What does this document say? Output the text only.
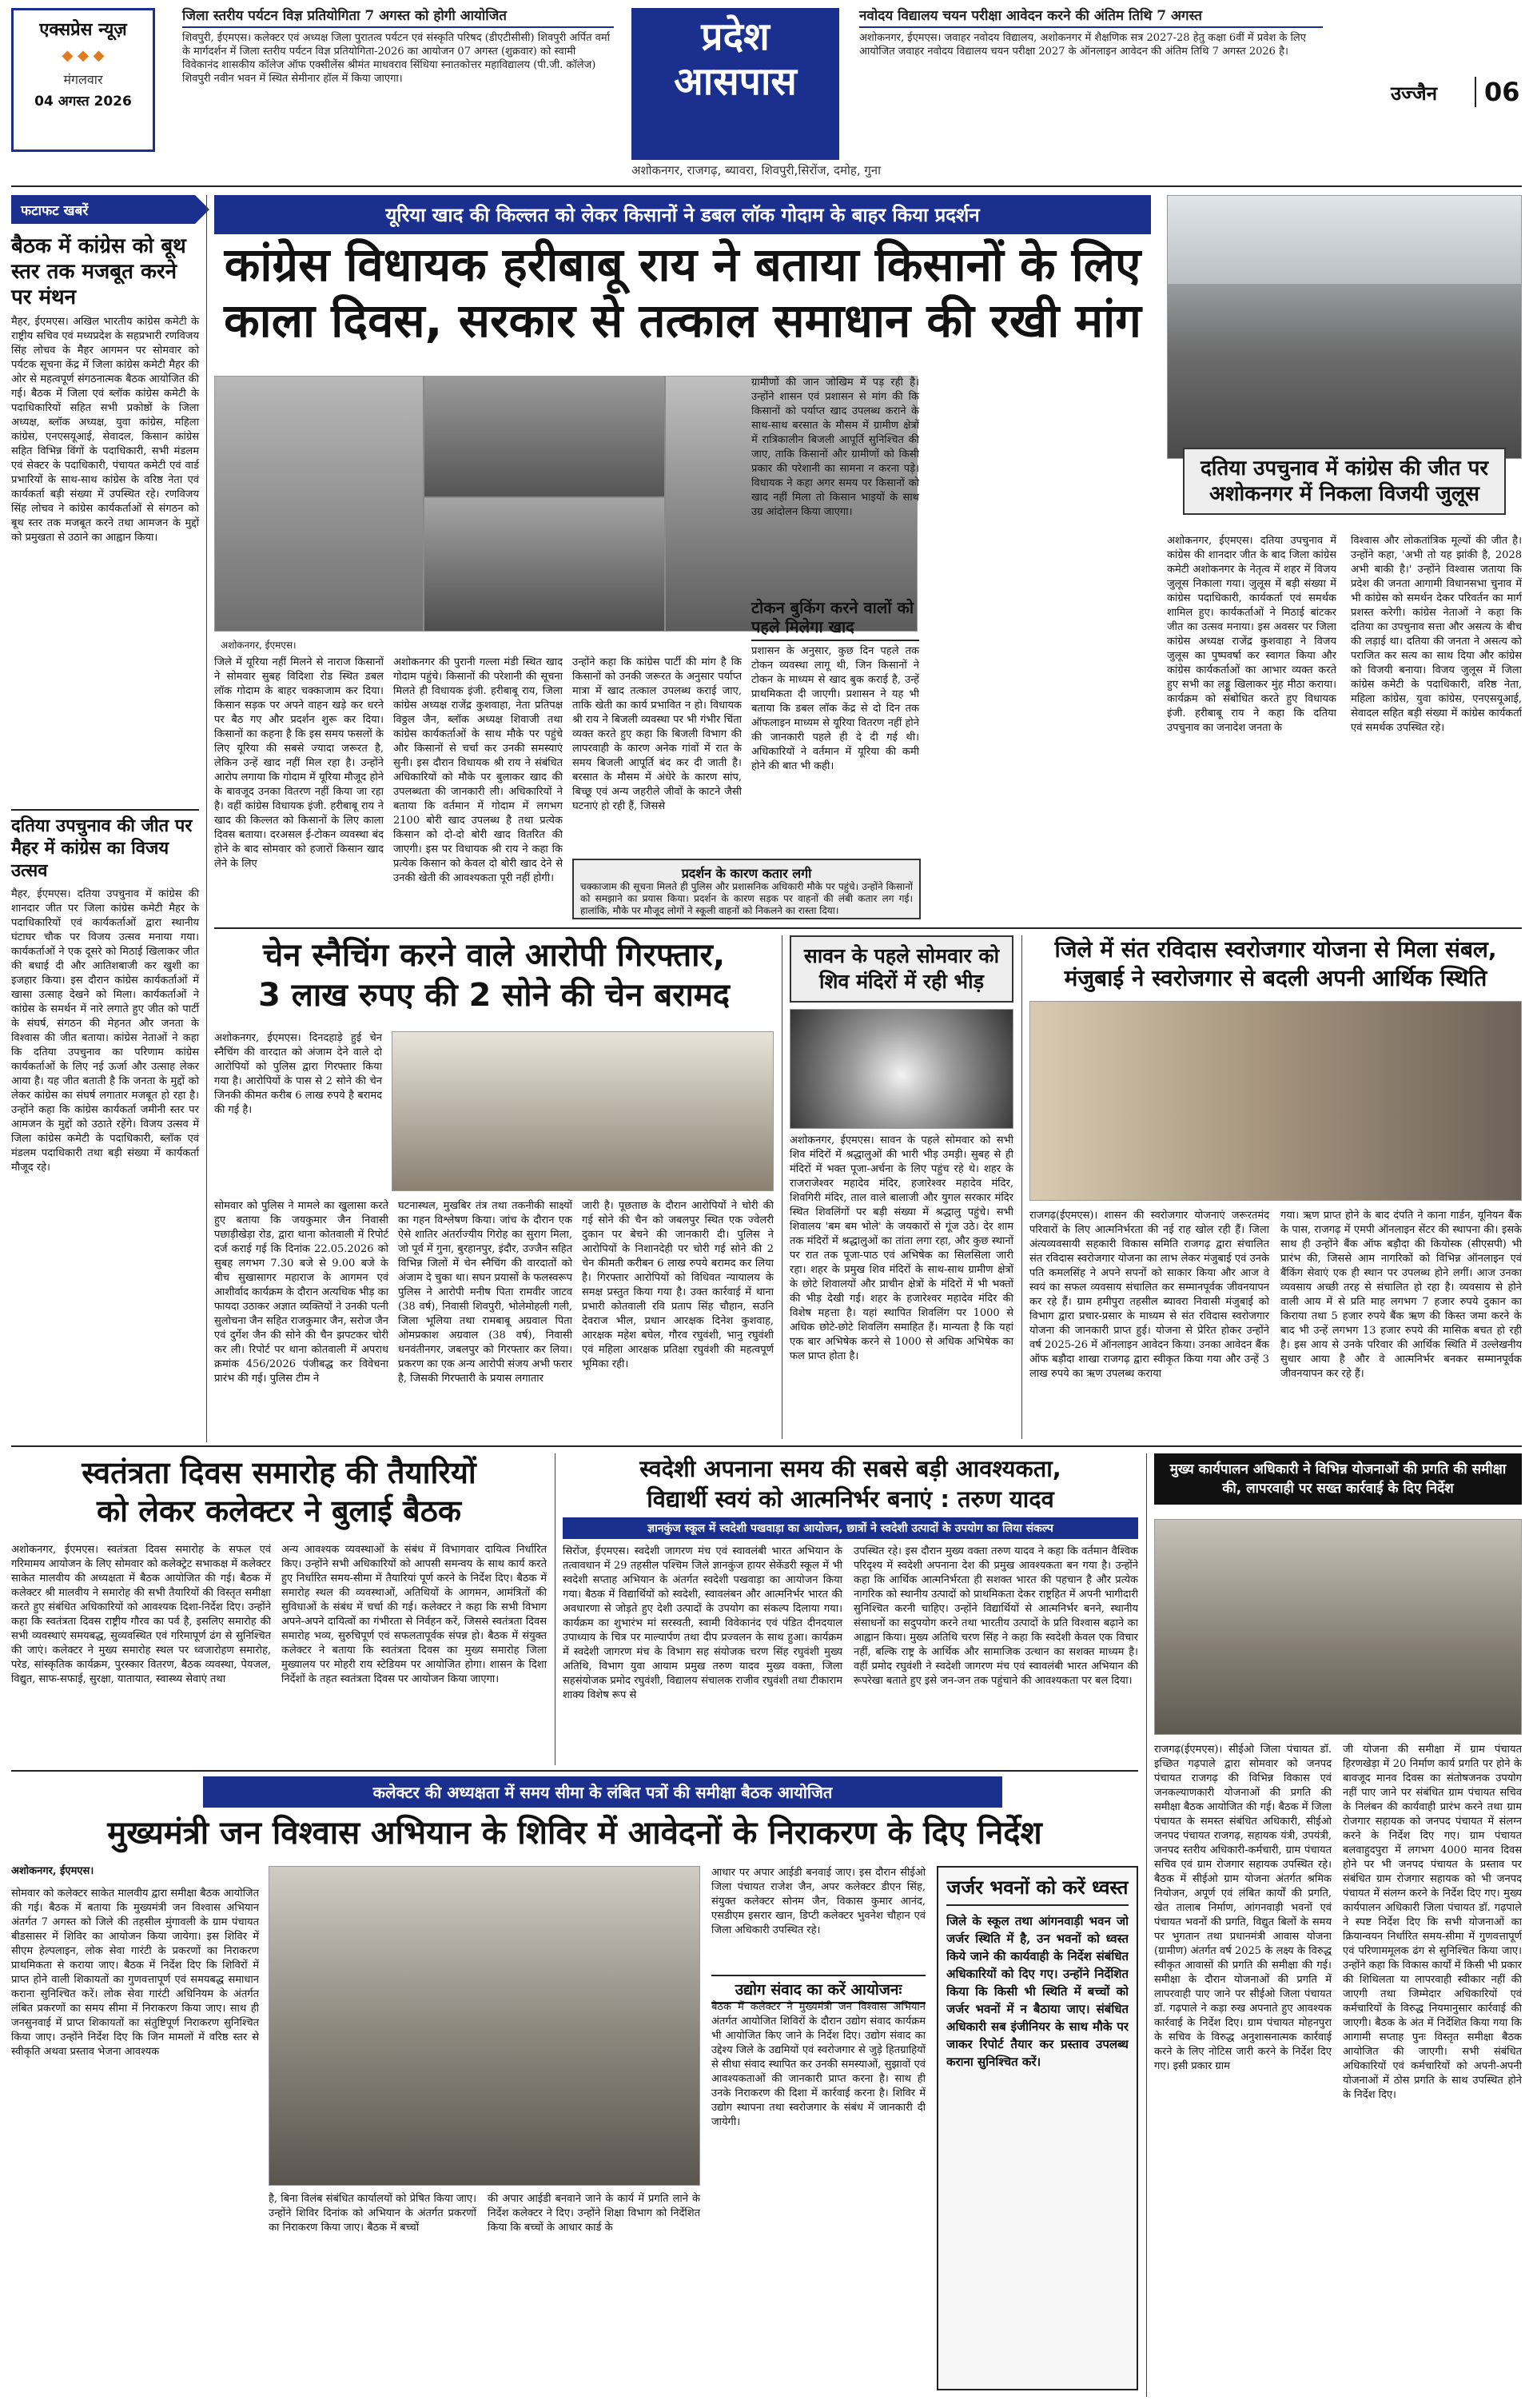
एक्सप्रेस न्यूज़
◆ ◆ ◆
मंगलवार
04 अगस्त 2026
जिला स्तरीय पर्यटन विज्ञ प्रतियोगिता 7 अगस्त को होगी आयोजित
शिवपुरी, ईएमएस। कलेक्टर एवं अध्यक्ष जिला पुरातत्व पर्यटन एवं संस्कृति परिषद (डीएटीसीसी) शिवपुरी अर्पित वर्मा के मार्गदर्शन में जिला स्तरीय पर्यटन विज्ञ प्रतियोगिता-2026 का आयोजन 07 अगस्त (शुक्रवार) को स्वामी विवेकानंद शासकीय कॉलेज ऑफ एक्सीलेंस श्रीमंत माधवराव सिंधिया स्नातकोत्तर महाविद्यालय (पी.जी. कॉलेज) शिवपुरी नवीन भवन में स्थित सेमीनार हॉल में किया जाएगा।
प्रदेश
आसपास
अशोकनगर, राजगढ़, ब्यावरा, शिवपुरी,सिरोंज, दमोह, गुना
नवोदय विद्यालय चयन परीक्षा आवेदन करने की अंतिम तिथि 7 अगस्त
अशोकनगर, ईएमएस। जवाहर नवोदय विद्यालय, अशोकनगर में शैक्षणिक सत्र 2027-28 हेतु कक्षा 6वीं में प्रवेश के लिए आयोजित जवाहर नवोदय विद्यालय चयन परीक्षा 2027 के ऑनलाइन आवेदन की अंतिम तिथि 7 अगस्त 2026 है।
उज्जैन	06
फटाफट खबरें
बैठक में कांग्रेस को बूथ स्तर तक मजबूत करने पर मंथन
मैहर, ईएमएस। अखिल भारतीय कांग्रेस कमेटी के राष्ट्रीय सचिव एवं मध्यप्रदेश के सहप्रभारी रणविजय सिंह लोचव के मैहर आगमन पर सोमवार को पर्यटक सूचना केंद्र में जिला कांग्रेस कमेटी मैहर की ओर से महत्वपूर्ण संगठनात्मक बैठक आयोजित की गई। बैठक में जिला एवं ब्लॉक कांग्रेस कमेटी के पदाधिकारियों सहित सभी प्रकोष्ठों के जिला अध्यक्ष, ब्लॉक अध्यक्ष, युवा कांग्रेस, महिला कांग्रेस, एनएसयूआई, सेवादल, किसान कांग्रेस सहित विभिन्न विंगों के पदाधिकारी, सभी मंडलम एवं सेक्टर के पदाधिकारी, पंचायत कमेटी एवं वार्ड प्रभारियों के साथ-साथ कांग्रेस के वरिष्ठ नेता एवं कार्यकर्ता बड़ी संख्या में उपस्थित रहे। रणविजय सिंह लोचव ने कांग्रेस कार्यकर्ताओं से संगठन को बूथ स्तर तक मजबूत करने तथा आमजन के मुद्दों को प्रमुखता से उठाने का आह्वान किया।
दतिया उपचुनाव की जीत पर मैहर में कांग्रेस का विजय उत्सव
मैहर, ईएमएस। दतिया उपचुनाव में कांग्रेस की शानदार जीत पर जिला कांग्रेस कमेटी मैहर के पदाधिकारियों एवं कार्यकर्ताओं द्वारा स्थानीय घंटाघर चौक पर विजय उत्सव मनाया गया। कार्यकर्ताओं ने एक दूसरे को मिठाई खिलाकर जीत की बधाई दी और आतिशबाजी कर खुशी का इजहार किया। इस दौरान कांग्रेस कार्यकर्ताओं में खासा उत्साह देखने को मिला। कार्यकर्ताओं ने कांग्रेस के समर्थन में नारे लगाते हुए जीत को पार्टी के संघर्ष, संगठन की मेहनत और जनता के विश्वास की जीत बताया। कांग्रेस नेताओं ने कहा कि दतिया उपचुनाव का परिणाम कांग्रेस कार्यकर्ताओं के लिए नई ऊर्जा और उत्साह लेकर आया है। यह जीत बताती है कि जनता के मुद्दों को लेकर कांग्रेस का संघर्ष लगातार मजबूत हो रहा है। उन्होंने कहा कि कांग्रेस कार्यकर्ता जमीनी स्तर पर आमजन के मुद्दों को उठाते रहेंगे। विजय उत्सव में जिला कांग्रेस कमेटी के पदाधिकारी, ब्लॉक एवं मंडलम पदाधिकारी तथा बड़ी संख्या में कार्यकर्ता मौजूद रहे।
यूरिया खाद की किल्लत को लेकर किसानों ने डबल लॉक गोदाम के बाहर किया प्रदर्शन
कांग्रेस विधायक हरीबाबू राय ने बताया किसानों के लिए
काला दिवस, सरकार से तत्काल समाधान की रखी मांग
अशोकनगर, ईएमएस।
जिले में यूरिया नहीं मिलने से नाराज किसानों ने सोमवार सुबह विदिशा रोड स्थित डबल लॉक गोदाम के बाहर चक्काजाम कर दिया। किसान सड़क पर अपने वाहन खड़े कर धरने पर बैठ गए और प्रदर्शन शुरू कर दिया। किसानों का कहना है कि इस समय फसलों के लिए यूरिया की सबसे ज्यादा जरूरत है, लेकिन उन्हें खाद नहीं मिल रहा है। उन्होंने आरोप लगाया कि गोदाम में यूरिया मौजूद होने के बावजूद उनका वितरण नहीं किया जा रहा है। वहीं कांग्रेस विधायक इंजी. हरीबाबू राय ने खाद की किल्लत को किसानों के लिए काला दिवस बताया। दरअसल ई-टोकन व्यवस्था बंद होने के बाद सोमवार को हजारों किसान खाद लेने के लिए
अशोकनगर की पुरानी गल्ला मंडी स्थित खाद गोदाम पहुंचे। किसानों की परेशानी की सूचना मिलते ही विधायक इंजी. हरीबाबू राय, जिला कांग्रेस अध्यक्ष राजेंद्र कुशवाहा, नेता प्रतिपक्ष विठ्ठल जैन, ब्लॉक अध्यक्ष शिवाजी तथा कांग्रेस कार्यकर्ताओं के साथ मौके पर पहुंचे और किसानों से चर्चा कर उनकी समस्याएं सुनी। इस दौरान विधायक श्री राय ने संबंधित अधिकारियों को मौके पर बुलाकर खाद की उपलब्धता की जानकारी ली। अधिकारियों ने बताया कि वर्तमान में गोदाम में लगभग 2100 बोरी खाद उपलब्ध है तथा प्रत्येक किसान को दो-दो बोरी खाद वितरित की जाएगी। इस पर विधायक श्री राय ने कहा कि प्रत्येक किसान को केवल दो बोरी खाद देने से उनकी खेती की आवश्यकता पूरी नहीं होगी।
उन्होंने कहा कि कांग्रेस पार्टी की मांग है कि किसानों को उनकी जरूरत के अनुसार पर्याप्त मात्रा में खाद तत्काल उपलब्ध कराई जाए, ताकि खेती का कार्य प्रभावित न हो। विधायक श्री राय ने बिजली व्यवस्था पर भी गंभीर चिंता व्यक्त करते हुए कहा कि बिजली विभाग की लापरवाही के कारण अनेक गांवों में रात के समय बिजली आपूर्ति बंद कर दी जाती है। बरसात के मौसम में अंधेरे के कारण सांप, बिच्छू एवं अन्य जहरीले जीवों के काटने जैसी घटनाएं हो रही हैं, जिससे
ग्रामीणों की जान जोखिम में पड़ रही है। उन्होंने शासन एवं प्रशासन से मांग की कि किसानों को पर्याप्त खाद उपलब्ध कराने के साथ-साथ बरसात के मौसम में ग्रामीण क्षेत्रों में रात्रिकालीन बिजली आपूर्ति सुनिश्चित की जाए, ताकि किसानों और ग्रामीणों को किसी प्रकार की परेशानी का सामना न करना पड़े। विधायक ने कहा अगर समय पर किसानों को खाद नहीं मिला तो किसान भाइयों के साथ उग्र आंदोलन किया जाएगा।
टोकन बुकिंग करने वालों को पहले मिलेगा खाद
प्रशासन के अनुसार, कुछ दिन पहले तक टोकन व्यवस्था लागू थी, जिन किसानों ने टोकन के माध्यम से खाद बुक कराई है, उन्हें प्राथमिकता दी जाएगी। प्रशासन ने यह भी बताया कि डबल लॉक केंद्र से दो दिन तक ऑफलाइन माध्यम से यूरिया वितरण नहीं होने की जानकारी पहले ही दे दी गई थी। अधिकारियों ने वर्तमान में यूरिया की कमी होने की बात भी कही।
प्रदर्शन के कारण कतार लगी
चक्काजाम की सूचना मिलते ही पुलिस और प्रशासनिक अधिकारी मौके पर पहुंचे। उन्होंने किसानों को समझाने का प्रयास किया। प्रदर्शन के कारण सड़क पर वाहनों की लंबी कतार लग गई। हालांकि, मौके पर मौजूद लोगों ने स्कूली वाहनों को निकलने का रास्ता दिया।
दतिया उपचुनाव में कांग्रेस की जीत पर अशोकनगर में निकला विजयी जुलूस
अशोकनगर, ईएमएस। दतिया उपचुनाव में कांग्रेस की शानदार जीत के बाद जिला कांग्रेस कमेटी अशोकनगर के नेतृत्व में शहर में विजय जुलूस निकाला गया। जुलूस में बड़ी संख्या में कांग्रेस पदाधिकारी, कार्यकर्ता एवं समर्थक शामिल हुए। कार्यकर्ताओं ने मिठाई बांटकर जीत का उत्सव मनाया। इस अवसर पर जिला कांग्रेस अध्यक्ष राजेंद्र कुशवाहा ने विजय जुलूस का पुष्पवर्षा कर स्वागत किया और कांग्रेस कार्यकर्ताओं का आभार व्यक्त करते हुए सभी का लड्डू खिलाकर मुंह मीठा कराया। कार्यक्रम को संबोधित करते हुए विधायक इंजी. हरीबाबू राय ने कहा कि दतिया उपचुनाव का जनादेश जनता के
विश्वास और लोकतांत्रिक मूल्यों की जीत है। उन्होंने कहा, 'अभी तो यह झांकी है, 2028 अभी बाकी है।' उन्होंने विश्वास जताया कि प्रदेश की जनता आगामी विधानसभा चुनाव में भी कांग्रेस को समर्थन देकर परिवर्तन का मार्ग प्रशस्त करेगी। कांग्रेस नेताओं ने कहा कि दतिया का उपचुनाव सत्ता और असत्य के बीच की लड़ाई था। दतिया की जनता ने असत्य को पराजित कर सत्य का साथ दिया और कांग्रेस को विजयी बनाया। विजय जुलूस में जिला कांग्रेस कमेटी के पदाधिकारी, वरिष्ठ नेता, महिला कांग्रेस, युवा कांग्रेस, एनएसयूआई, सेवादल सहित बड़ी संख्या में कांग्रेस कार्यकर्ता एवं समर्थक उपस्थित रहे।
चेन स्नैचिंग करने वाले आरोपी गिरफ्तार,
3 लाख रुपए की 2 सोने की चेन बरामद
अशोकनगर, ईएमएस। दिनदहाड़े हुई चेन स्नैचिंग की वारदात को अंजाम देने वाले दो आरोपियों को पुलिस द्वारा गिरफ्तार किया गया है। आरोपियों के पास से 2 सोने की चेन जिनकी कीमत करीब 6 लाख रुपये है बरामद की गई है।
सोमवार को पुलिस ने मामले का खुलासा करते हुए बताया कि जयकुमार जैन निवासी पछाड़ीखेड़ा रोड, द्वारा थाना कोतवाली में रिपोर्ट दर्ज कराई गई कि दिनांक 22.05.2026 को सुबह लगभग 7.30 बजे से 9.00 बजे के बीच सुखासागर महाराज के आगमन एवं आशीर्वाद कार्यक्रम के दौरान अत्यधिक भीड़ का फायदा उठाकर अज्ञात व्यक्तियों ने उनकी पत्नी सुलोचना जैन सहित राजकुमार जैन, सरोज जैन एवं दुर्गेश जैन की सोने की चैन झपटकर चोरी कर ली। रिपोर्ट पर थाना कोतवाली में अपराध क्रमांक 456/2026 पंजीबद्ध कर विवेचना प्रारंभ की गई। पुलिस टीम ने
घटनास्थल, मुखबिर तंत्र तथा तकनीकी साक्ष्यों का गहन विश्लेषण किया। जांच के दौरान एक ऐसे शातिर अंतर्राज्यीय गिरोह का सुराग मिला, जो पूर्व में गुना, बुरहानपुर, इंदौर, उज्जैन सहित विभिन्न जिलों में चेन स्नैचिंग की वारदातों को अंजाम दे चुका था। सघन प्रयासों के फलस्वरूप पुलिस ने आरोपी मनीष पिता रामवीर जाटव (38 वर्ष), निवासी शिवपुरी, भोलेमोहली गली, जिला भूलिया तथा रामबाबू अग्रवाल पिता ओमप्रकाश अग्रवाल (38 वर्ष), निवासी धनवंतीनगर, जबलपुर को गिरफ्तार कर लिया। प्रकरण का एक अन्य आरोपी संजय अभी फरार है, जिसकी गिरफ्तारी के प्रयास लगातार
जारी है। पूछताछ के दौरान आरोपियों ने चोरी की गई सोने की चैन को जबलपुर स्थित एक ज्वेलरी दुकान पर बेचने की जानकारी दी। पुलिस ने आरोपियों के निशानदेही पर चोरी गई सोने की 2 चेन कीमती करीबन 6 लाख रुपये बरामद कर लिया है। गिरफ्तार आरोपियों को विधिवत न्यायालय के समक्ष प्रस्तुत किया गया है। उक्त कार्रवाई में थाना प्रभारी कोतवाली रवि प्रताप सिंह चौहान, सउनि देवराज भील, प्रधान आरक्षक दिनेश कुशवाह, आरक्षक महेश बघेल, गौरव रघुवंशी, भानु रघुवंशी एवं महिला आरक्षक प्रतिक्षा रघुवंशी की महत्वपूर्ण भूमिका रही।
सावन के पहले सोमवार को शिव मंदिरों में रही भीड़
अशोकनगर, ईएमएस। सावन के पहले सोमवार को सभी शिव मंदिरों में श्रद्धालुओं की भारी भीड़ उमड़ी। सुबह से ही मंदिरों में भक्त पूजा-अर्चना के लिए पहुंच रहे थे। शहर के राजराजेश्वर महादेव मंदिर, हजारेश्वर महादेव मंदिर, शिवगिरी मंदिर, ताल वाले बालाजी और युगल सरकार मंदिर स्थित शिवलिंगों पर बड़ी संख्या में श्रद्धालु पहुंचे। सभी शिवालय 'बम बम भोले' के जयकारों से गूंज उठे। देर शाम तक मंदिरों में श्रद्धालुओं का तांता लगा रहा, और कुछ स्थानों पर रात तक पूजा-पाठ एवं अभिषेक का सिलसिला जारी रहा। शहर के प्रमुख शिव मंदिरों के साथ-साथ ग्रामीण क्षेत्रों के छोटे शिवालयों और प्राचीन क्षेत्रों के मंदिरों में भी भक्तों की भीड़ देखी गई। शहर के हजारेश्वर महादेव मंदिर की विशेष महत्ता है। यहां स्थापित शिवलिंग पर 1000 से अधिक छोटे-छोटे शिवलिंग समाहित हैं। मान्यता है कि यहां एक बार अभिषेक करने से 1000 से अधिक अभिषेक का फल प्राप्त होता है।
जिले में संत रविदास स्वरोजगार योजना से मिला संबल,
मंजुबाई ने स्वरोजगार से बदली अपनी आर्थिक स्थिति
राजगढ़(ईएमएस)। शासन की स्वरोजगार योजनाएं जरूरतमंद परिवारों के लिए आत्मनिर्भरता की नई राह खोल रही हैं। जिला अंत्यव्यवसायी सहकारी विकास समिति राजगढ़ द्वारा संचालित संत रविदास स्वरोजगार योजना का लाभ लेकर मंजुबाई एवं उनके पति कमलसिंह ने अपने सपनों को साकार किया और आज वे स्वयं का सफल व्यवसाय संचालित कर सम्मानपूर्वक जीवनयापन कर रहे हैं। ग्राम हमीपुरा तहसील ब्यावरा निवासी मंजुबाई को विभाग द्वारा प्रचार-प्रसार के माध्यम से संत रविदास स्वरोजगार योजना की जानकारी प्राप्त हुई। योजना से प्रेरित होकर उन्होंने वर्ष 2025-26 में ऑनलाइन आवेदन किया। उनका आवेदन बैंक ऑफ बड़ौदा शाखा राजगढ़ द्वारा स्वीकृत किया गया और उन्हें 3 लाख रुपये का ऋण उपलब्ध कराया
गया। ऋण प्राप्त होने के बाद दंपति ने काना गार्डन, यूनियन बैंक के पास, राजगढ़ में एमपी ऑनलाइन सेंटर की स्थापना की। इसके साथ ही उन्होंने बैंक ऑफ बड़ौदा की कियोस्क (सीएसपी) भी प्रारंभ की, जिससे आम नागरिकों को विभिन्न ऑनलाइन एवं बैंकिंग सेवाएं एक ही स्थान पर उपलब्ध होने लगीं। आज उनका व्यवसाय अच्छी तरह से संचालित हो रहा है। व्यवसाय से होने वाली आय में से प्रति माह लगभग 7 हजार रुपये दुकान का किराया तथा 5 हजार रुपये बैंक ऋण की किस्त जमा करने के बाद भी उन्हें लगभग 13 हजार रुपये की मासिक बचत हो रही है। इस आय से उनके परिवार की आर्थिक स्थिति में उल्लेखनीय सुधार आया है और वे आत्मनिर्भर बनकर सम्मानपूर्वक जीवनयापन कर रहे हैं।
स्वतंत्रता दिवस समारोह की तैयारियों
को लेकर कलेक्टर ने बुलाई बैठक
अशोकनगर, ईएमएस। स्वतंत्रता दिवस समारोह के सफल एवं गरिमामय आयोजन के लिए सोमवार को कलेक्ट्रेट सभाकक्ष में कलेक्टर साकेत मालवीय की अध्यक्षता में बैठक आयोजित की गई। बैठक में कलेक्टर श्री मालवीय ने समारोह की सभी तैयारियों की विस्तृत समीक्षा करते हुए संबंधित अधिकारियों को आवश्यक दिशा-निर्देश दिए। उन्होंने कहा कि स्वतंत्रता दिवस राष्ट्रीय गौरव का पर्व है, इसलिए समारोह की सभी व्यवस्थाएं समयबद्ध, सुव्यवस्थित एवं गरिमापूर्ण ढंग से सुनिश्चित की जाएं। कलेक्टर ने मुख्य समारोह स्थल पर ध्वजारोहण समारोह, परेड, सांस्कृतिक कार्यक्रम, पुरस्कार वितरण, बैठक व्यवस्था, पेयजल, विद्युत, साफ-सफाई, सुरक्षा, यातायात, स्वास्थ्य सेवाएं तथा
अन्य आवश्यक व्यवस्थाओं के संबंध में विभागवार दायित्व निर्धारित किए। उन्होंने सभी अधिकारियों को आपसी समन्वय के साथ कार्य करते हुए निर्धारित समय-सीमा में तैयारियां पूर्ण करने के निर्देश दिए। बैठक में समारोह स्थल की व्यवस्थाओं, अतिथियों के आगमन, आमंत्रितों की सुविधाओं के संबंध में चर्चा की गई। कलेक्टर ने कहा कि सभी विभाग अपने-अपने दायित्वों का गंभीरता से निर्वहन करें, जिससे स्वतंत्रता दिवस समारोह भव्य, सुरुचिपूर्ण एवं सफलतापूर्वक संपन्न हो। बैठक में संयुक्त कलेक्टर ने बताया कि स्वतंत्रता दिवस का मुख्य समारोह जिला मुख्यालय पर मोहरी राय स्टेडियम पर आयोजित होगा। शासन के दिशा निर्देशों के तहत स्वतंत्रता दिवस पर आयोजन किया जाएगा।
स्वदेशी अपनाना समय की सबसे बड़ी आवश्यकता,
विद्यार्थी स्वयं को आत्मनिर्भर बनाएं : तरुण यादव
ज्ञानकुंज स्कूल में स्वदेशी पखवाड़ा का आयोजन, छात्रों ने स्वदेशी उत्पादों के उपयोग का लिया संकल्प
सिरोंज, ईएमएस। स्वदेशी जागरण मंच एवं स्वावलंबी भारत अभियान के तत्वावधान में 29 तहसील पश्चिम जिले ज्ञानकुंज हायर सेकेंडरी स्कूल में भी स्वदेशी सप्ताह अभियान के अंतर्गत स्वदेशी पखवाड़ा का आयोजन किया गया। बैठक में विद्यार्थियों को स्वदेशी, स्वावलंबन और आत्मनिर्भर भारत की अवधारणा से जोड़ते हुए देशी उत्पादों के उपयोग का संकल्प दिलाया गया। कार्यक्रम का शुभारंभ मां सरस्वती, स्वामी विवेकानंद एवं पंडित दीनदयाल उपाध्याय के चित्र पर माल्यार्पण तथा दीप प्रज्वलन के साथ हुआ। कार्यक्रम में स्वदेशी जागरण मंच के विभाग सह संयोजक चरण सिंह रघुवंशी मुख्य अतिथि, विभाग युवा आयाम प्रमुख तरुण यादव मुख्य वक्ता, जिला सहसंयोजक प्रमोद रघुवंशी, विद्यालय संचालक राजीव रघुवंशी तथा टीकाराम शाक्य विशेष रूप से
उपस्थित रहे। इस दौरान मुख्य वक्ता तरुण यादव ने कहा कि वर्तमान वैश्विक परिदृश्य में स्वदेशी अपनाना देश की प्रमुख आवश्यकता बन गया है। उन्होंने कहा कि आर्थिक आत्मनिर्भरता ही सशक्त भारत की पहचान है और प्रत्येक नागरिक को स्थानीय उत्पादों को प्राथमिकता देकर राष्ट्रहित में अपनी भागीदारी सुनिश्चित करनी चाहिए। उन्होंने विद्यार्थियों से आत्मनिर्भर बनने, स्थानीय संसाधनों का सदुपयोग करने तथा भारतीय उत्पादों के प्रति विश्वास बढ़ाने का आह्वान किया। मुख्य अतिथि चरण सिंह ने कहा कि स्वदेशी केवल एक विचार नहीं, बल्कि राष्ट्र के आर्थिक और सामाजिक उत्थान का सशक्त माध्यम है। वहीं प्रमोद रघुवंशी ने स्वदेशी जागरण मंच एवं स्वावलंबी भारत अभियान की रूपरेखा बताते हुए इसे जन-जन तक पहुंचाने की आवश्यकता पर बल दिया।
मुख्य कार्यपालन अधिकारी ने विभिन्न योजनाओं की प्रगति की समीक्षा की, लापरवाही पर सख्त कार्रवाई के दिए निर्देश
राजगढ़(ईएमएस)। सीईओ जिला पंचायत डॉ. इच्छित गढ़पाले द्वारा सोमवार को जनपद पंचायत राजगढ़ की विभिन्न विकास एवं जनकल्याणकारी योजनाओं की प्रगति की समीक्षा बैठक आयोजित की गई। बैठक में जिला पंचायत के समस्त संबंधित अधिकारी, सीईओ जनपद पंचायत राजगढ़, सहायक यंत्री, उपयंत्री, जनपद स्तरीय अधिकारी-कर्मचारी, ग्राम पंचायत सचिव एवं ग्राम रोजगार सहायक उपस्थित रहे। बैठक में सीईओ ग्राम योजना अंतर्गत श्रमिक नियोजन, अपूर्ण एवं लंबित कार्यों की प्रगति, खेत तालाब निर्माण, आंगनवाड़ी भवनों एवं पंचायत भवनों की प्रगति, विद्युत बिलों के समय पर भुगतान तथा प्रधानमंत्री आवास योजना (ग्रामीण) अंतर्गत वर्ष 2025 के लक्ष्य के विरुद्ध स्वीकृत आवासों की प्रगति की समीक्षा की गई। समीक्षा के दौरान योजनाओं की प्रगति में लापरवाही पाए जाने पर सीईओ जिला पंचायत डॉ. गढ़पाले ने कड़ा रुख अपनाते हुए आवश्यक कार्रवाई के निर्देश दिए। ग्राम पंचायत मोहनपुरा के सचिव के विरुद्ध अनुशासनात्मक कार्रवाई करने के लिए नोटिस जारी करने के निर्देश दिए गए। इसी प्रकार ग्राम
जी योजना की समीक्षा में ग्राम पंचायत हिरणखेड़ा में 20 निर्माण कार्य प्रगति पर होने के बावजूद मानव दिवस का संतोषजनक उपयोग नहीं पाए जाने पर संबंधित ग्राम पंचायत सचिव के निलंबन की कार्यवाही प्रारंभ करने तथा ग्राम रोजगार सहायक को जनपद पंचायत में संलग्न करने के निर्देश दिए गए। ग्राम पंचायत बलवाहुदपुरा में लगभग 4000 मानव दिवस होने पर भी जनपद पंचायत के प्रस्ताव पर संबंधित ग्राम रोजगार सहायक को भी जनपद पंचायत में संलग्न करने के निर्देश दिए गए। मुख्य कार्यपालन अधिकारी जिला पंचायत डॉ. गढ़पाले ने स्पष्ट निर्देश दिए कि सभी योजनाओं का क्रियान्वयन निर्धारित समय-सीमा में गुणवत्तापूर्ण एवं परिणाममूलक ढंग से सुनिश्चित किया जाए। उन्होंने कहा कि विकास कार्यों में किसी भी प्रकार की शिथिलता या लापरवाही स्वीकार नहीं की जाएगी तथा जिम्मेदार अधिकारियों एवं कर्मचारियों के विरुद्ध नियमानुसार कार्रवाई की जाएगी। बैठक के अंत में निर्देशित किया गया कि आगामी सप्ताह पुनः विस्तृत समीक्षा बैठक आयोजित की जाएगी। सभी संबंधित अधिकारियों एवं कर्मचारियों को अपनी-अपनी योजनाओं में ठोस प्रगति के साथ उपस्थित होने के निर्देश दिए।
कलेक्टर की अध्यक्षता में समय सीमा के लंबित पत्रों की समीक्षा बैठक आयोजित
मुख्यमंत्री जन विश्वास अभियान के शिविर में आवेदनों के निराकरण के दिए निर्देश
अशोकनगर, ईएमएस।
सोमवार को कलेक्टर साकेत मालवीय द्वारा समीक्षा बैठक आयोजित की गई। बैठक में बताया कि मुख्यमंत्री जन विश्वास अभियान अंतर्गत 7 अगस्त को जिले की तहसील मुंगावली के ग्राम पंचायत बीडसासर में शिविर का आयोजन किया जायेगा। इस शिविर में सीएम हेल्पलाइन, लोक सेवा गारंटी के प्रकरणों का निराकरण प्राथमिकता से कराया जाए। बैठक में निर्देश दिए कि शिविरों में प्राप्त होने वाली शिकायतों का गुणवत्तापूर्ण एवं समयबद्ध समाधान कराना सुनिश्चित करें। लोक सेवा गारंटी अधिनियम के अंतर्गत लंबित प्रकरणों का समय सीमा में निराकरण किया जाए। साथ ही जनसुनवाई में प्राप्त शिकायतों का संतुष्टिपूर्ण निराकरण सुनिश्चित किया जाए। उन्होंने निर्देश दिए कि जिन मामलों में वरिष्ठ स्तर से स्वीकृति अथवा प्रस्ताव भेजना आवश्यक
है, बिना विलंब संबंधित कार्यालयों को प्रेषित किया जाए। उन्होंने शिविर दिनांक को अभियान के अंतर्गत प्रकरणों का निराकरण किया जाए। बैठक में बच्चों
की अपार आईडी बनवाने जाने के कार्य में प्रगति लाने के निर्देश कलेक्टर ने दिए। उन्होंने शिक्षा विभाग को निर्देशित किया कि बच्चों के आधार कार्ड के
आधार पर अपार आईडी बनवाई जाए। इस दौरान सीईओ जिला पंचायत राजेश जैन, अपर कलेक्टर डीएन सिंह, संयुक्त कलेक्टर सोनम जैन, विकास कुमार आनंद, एसडीएम इसरार खान, डिप्टी कलेक्टर भुवनेश चौहान एवं जिला अधिकारी उपस्थित रहे।
उद्योग संवाद का करें आयोजनः
बैठक में कलेक्टर ने मुख्यमंत्री जन विश्वास अभियान अंतर्गत आयोजित शिविरों के दौरान उद्योग संवाद कार्यक्रम भी आयोजित किए जाने के निर्देश दिए। उद्योग संवाद का उद्देश्य जिले के उद्यमियों एवं स्वरोजगार से जुड़े हितग्राहियों से सीधा संवाद स्थापित कर उनकी समस्याओं, सुझावों एवं आवश्यकताओं की जानकारी प्राप्त करना है। साथ ही उनके निराकरण की दिशा में कार्रवाई करना है। शिविर में उद्योग स्थापना तथा स्वरोजगार के संबंध में जानकारी दी जायेगी।
जर्जर भवनों को करें ध्वस्त
जिले के स्कूल तथा आंगनवाड़ी भवन जो जर्जर स्थिति में है, उन भवनों को ध्वस्त किये जाने की कार्यवाही के निर्देश संबंधित अधिकारियों को दिए गए। उन्होंने निर्देशित किया कि किसी भी स्थिति में बच्चों को जर्जर भवनों में न बैठाया जाए। संबंधित अधिकारी सब इंजीनियर के साथ मौके पर जाकर रिपोर्ट तैयार कर प्रस्ताव उपलब्ध कराना सुनिश्चित करें।
